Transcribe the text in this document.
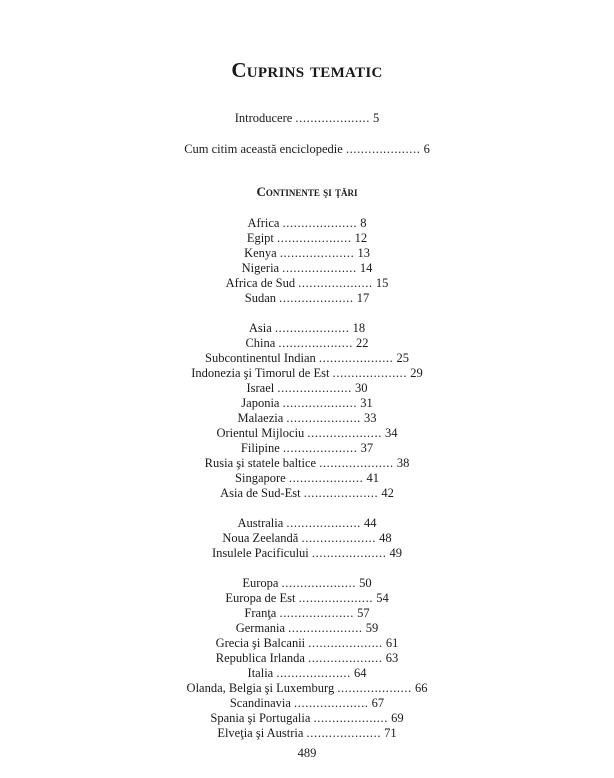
Cuprins tematic
Introducere .................... 5
Cum citim această enciclopedie .................... 6
Continente şi ţări
Africa .................... 8
Egipt .................... 12
Kenya .................... 13
Nigeria .................... 14
Africa de Sud .................... 15
Sudan .................... 17
Asia .................... 18
China .................... 22
Subcontinentul Indian .................... 25
Indonezia şi Timorul de Est .................... 29
Israel .................... 30
Japonia .................... 31
Malaezia .................... 33
Orientul Mijlociu .................... 34
Filipine .................... 37
Rusia şi statele baltice .................... 38
Singapore .................... 41
Asia de Sud-Est .................... 42
Australia .................... 44
Noua Zeelandă .................... 48
Insulele Pacificului .................... 49
Europa .................... 50
Europa de Est .................... 54
Franţa .................... 57
Germania .................... 59
Grecia şi Balcanii .................... 61
Republica Irlanda .................... 63
Italia .................... 64
Olanda, Belgia şi Luxemburg .................... 66
Scandinavia .................... 67
Spania şi Portugalia .................... 69
Elveţia şi Austria .................... 71
489
